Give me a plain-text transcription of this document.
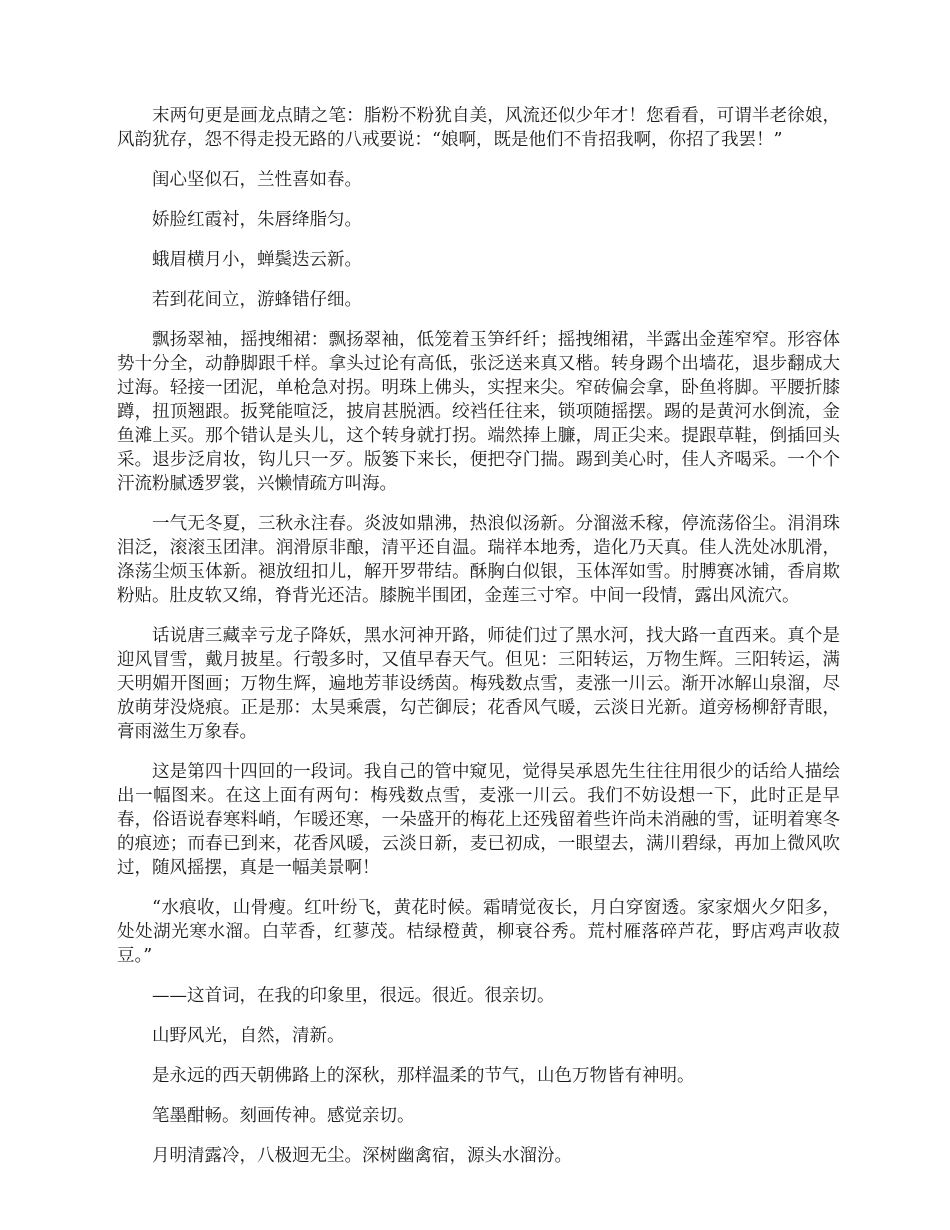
末两句更是画龙点睛之笔：脂粉不粉犹自美，风流还似少年才！您看看，可谓半老徐娘，风韵犹存，怨不得走投无路的八戒要说：“娘啊，既是他们不肯招我啊，你招了我罢！”

闺心坚似石，兰性喜如春。

娇脸红霞衬，朱唇绛脂匀。

蛾眉横月小，蝉鬓迭云新。

若到花间立，游蜂错仔细。

飘扬翠袖，摇拽缃裙：飘扬翠袖，低笼着玉笋纤纤；摇拽缃裙，半露出金莲窄窄。形容体势十分全，动静脚跟千样。拿头过论有高低，张泛送来真又楷。转身踢个出墙花，退步翻成大过海。轻接一团泥，单枪急对拐。明珠上佛头，实捏来尖。窄砖偏会拿，卧鱼将脚。平腰折膝蹲，扭顶翘跟。扳凳能喧泛，披肩甚脱洒。绞裆任往来，锁项随摇摆。踢的是黄河水倒流，金鱼滩上买。那个错认是头儿，这个转身就打拐。端然捧上臁，周正尖来。提跟草鞋，倒插回头采。退步泛肩妆，钩儿只一歹。版篓下来长，便把夺门揣。踢到美心时，佳人齐喝采。一个个汗流粉腻透罗裳，兴懒情疏方叫海。

一气无冬夏，三秋永注春。炎波如鼎沸，热浪似汤新。分溜滋禾稼，停流荡俗尘。涓涓珠泪泛，滚滚玉团津。润滑原非酿，清平还自温。瑞祥本地秀，造化乃天真。佳人洗处冰肌滑，涤荡尘烦玉体新。褪放纽扣儿，解开罗带结。酥胸白似银，玉体浑如雪。肘膊赛冰铺，香肩欺粉贴。肚皮软又绵，脊背光还洁。膝腕半围团，金莲三寸窄。中间一段情，露出风流穴。

话说唐三藏幸亏龙子降妖，黑水河神开路，师徒们过了黑水河，找大路一直西来。真个是迎风冒雪，戴月披星。行彀多时，又值早春天气。但见：三阳转运，万物生辉。三阳转运，满天明媚开图画；万物生辉，遍地芳菲设绣茵。梅残数点雪，麦涨一川云。渐开冰解山泉溜，尽放萌芽没烧痕。正是那：太昊乘震，勾芒御辰；花香风气暖，云淡日光新。道旁杨柳舒青眼，膏雨滋生万象春。

这是第四十四回的一段词。我自己的管中窥见，觉得吴承恩先生往往用很少的话给人描绘出一幅图来。在这上面有两句：梅残数点雪，麦涨一川云。我们不妨设想一下，此时正是早春，俗语说春寒料峭，乍暖还寒，一朵盛开的梅花上还残留着些许尚未消融的雪，证明着寒冬的痕迹；而春已到来，花香风暖，云淡日新，麦已初成，一眼望去，满川碧绿，再加上微风吹过，随风摇摆，真是一幅美景啊！

“水痕收，山骨瘦。红叶纷飞，黄花时候。霜晴觉夜长，月白穿窗透。家家烟火夕阳多，处处湖光寒水溜。白苹香，红蓼茂。桔绿橙黄，柳衰谷秀。荒村雁落碎芦花，野店鸡声收菽豆。”

——这首词，在我的印象里，很远。很近。很亲切。

山野风光，自然，清新。

是永远的西天朝佛路上的深秋，那样温柔的节气，山色万物皆有神明。

笔墨酣畅。刻画传神。感觉亲切。

月明清露冷，八极迥无尘。深树幽禽宿，源头水溜汾。
